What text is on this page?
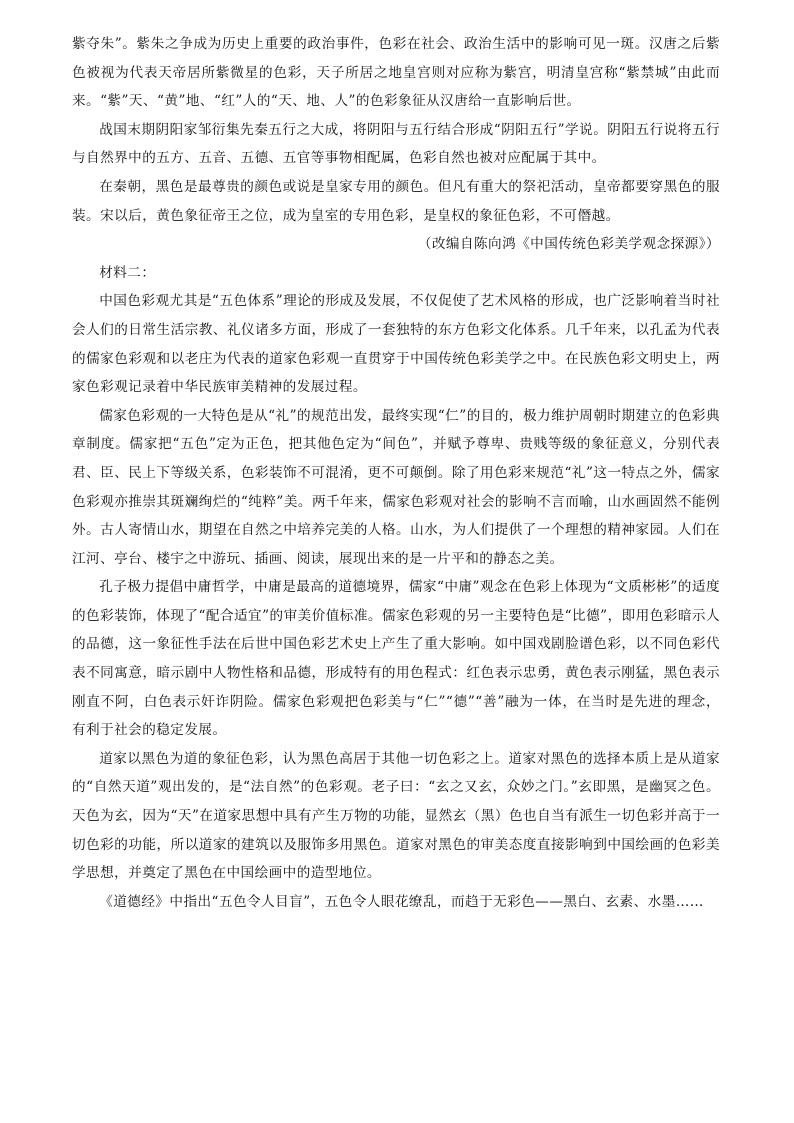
紫夺朱”。紫朱之争成为历史上重要的政治事件，色彩在社会、政治生活中的影响可见一斑。汉唐之后紫色被视为代表天帝居所紫微星的色彩，天子所居之地皇宫则对应称为紫宫，明清皇宫称“紫禁城”由此而来。“紫”天、“黄”地、“红”人的“天、地、人”的色彩象征从汉唐给一直影响后世。

战国末期阴阳家邹衍集先秦五行之大成，将阴阳与五行结合形成“阴阳五行”学说。阴阳五行说将五行与自然界中的五方、五音、五德、五官等事物相配属，色彩自然也被对应配属于其中。

在秦朝，黑色是最尊贵的颜色或说是皇家专用的颜色。但凡有重大的祭祀活动，皇帝都要穿黑色的服装。宋以后，黄色象征帝王之位，成为皇室的专用色彩，是皇权的象征色彩，不可僭越。

（改编自陈向鸿《中国传统色彩美学观念探源》）

材料二：

中国色彩观尤其是“五色体系”理论的形成及发展，不仅促使了艺术风格的形成，也广泛影响着当时社会人们的日常生活宗教、礼仪诸多方面，形成了一套独特的东方色彩文化体系。几千年来，以孔孟为代表的儒家色彩观和以老庄为代表的道家色彩观一直贯穿于中国传统色彩美学之中。在民族色彩文明史上，两家色彩观记录着中华民族审美精神的发展过程。

儒家色彩观的一大特色是从“礼”的规范出发，最终实现“仁”的目的，极力维护周朝时期建立的色彩典章制度。儒家把“五色”定为正色，把其他色定为“间色”，并赋予尊卑、贵贱等级的象征意义，分别代表君、臣、民上下等级关系，色彩装饰不可混淆，更不可颠倒。除了用色彩来规范“礼”这一特点之外，儒家色彩观亦推崇其斑斓绚烂的“纯粹”美。两千年来，儒家色彩观对社会的影响不言而喻，山水画固然不能例外。古人寄情山水，期望在自然之中培养完美的人格。山水，为人们提供了一个理想的精神家园。人们在江河、亭台、楼宇之中游玩、插画、阅读，展现出来的是一片平和的静态之美。

孔子极力提倡中庸哲学，中庸是最高的道德境界，儒家“中庸”观念在色彩上体现为“文质彬彬”的适度的色彩装饰，体现了“配合适宜”的审美价值标准。儒家色彩观的另一主要特色是“比德”，即用色彩暗示人的品德，这一象征性手法在后世中国色彩艺术史上产生了重大影响。如中国戏剧脸谱色彩，以不同色彩代表不同寓意，暗示剧中人物性格和品德，形成特有的用色程式：红色表示忠勇，黄色表示刚猛，黑色表示刚直不阿，白色表示奸诈阴险。儒家色彩观把色彩美与“仁”“德”“善”融为一体，在当时是先进的理念，有利于社会的稳定发展。

道家以黑色为道的象征色彩，认为黑色高居于其他一切色彩之上。道家对黑色的选择本质上是从道家的“自然天道”观出发的，是“法自然”的色彩观。老子曰：“玄之又玄，众妙之门。”玄即黑，是幽冥之色。天色为玄，因为“天”在道家思想中具有产生万物的功能，显然玄（黑）色也自当有派生一切色彩并高于一切色彩的功能，所以道家的建筑以及服饰多用黑色。道家对黑色的审美态度直接影响到中国绘画的色彩美学思想，并奠定了黑色在中国绘画中的造型地位。

《道德经》中指出“五色令人目盲”，五色令人眼花缭乱，而趋于无彩色——黑白、玄素、水墨……
